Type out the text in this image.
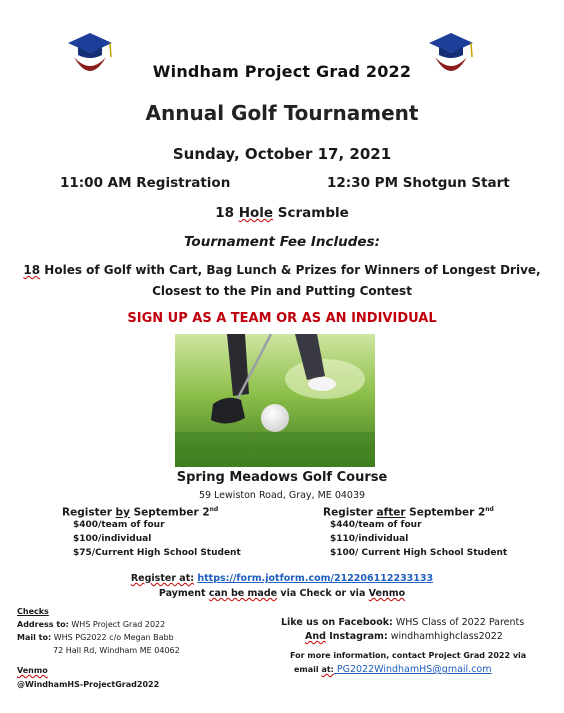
Windham Project Grad 2022
Annual Golf Tournament
Sunday, October 17, 2021
11:00 AM Registration	12:30 PM Shotgun Start
18 Hole Scramble
Tournament Fee Includes:
18 Holes of Golf with Cart, Bag Lunch & Prizes for Winners of Longest Drive,
Closest to the Pin and Putting Contest
SIGN UP AS A TEAM OR AS AN INDIVIDUAL
Spring Meadows Golf Course
59 Lewiston Road, Gray, ME 04039
Register by September 2nd
$400/team of four
$100/individual
$75/Current High School Student
Register after September 2nd
$440/team of four
$110/individual
$100/ Current High School Student
Register at: https://form.jotform.com/212206112233133
Payment can be made via Check or via Venmo
Checks
Address to: WHS Project Grad 2022
Mail to: WHS PG2022 c/o Megan Babb
72 Hall Rd, Windham ME 04062
Venmo
@WindhamHS-ProjectGrad2022
Like us on Facebook: WHS Class of 2022 Parents
And Instagram: windhamhighclass2022
For more information, contact Project Grad 2022 via
email at: PG2022WindhamHS@gmail.com
